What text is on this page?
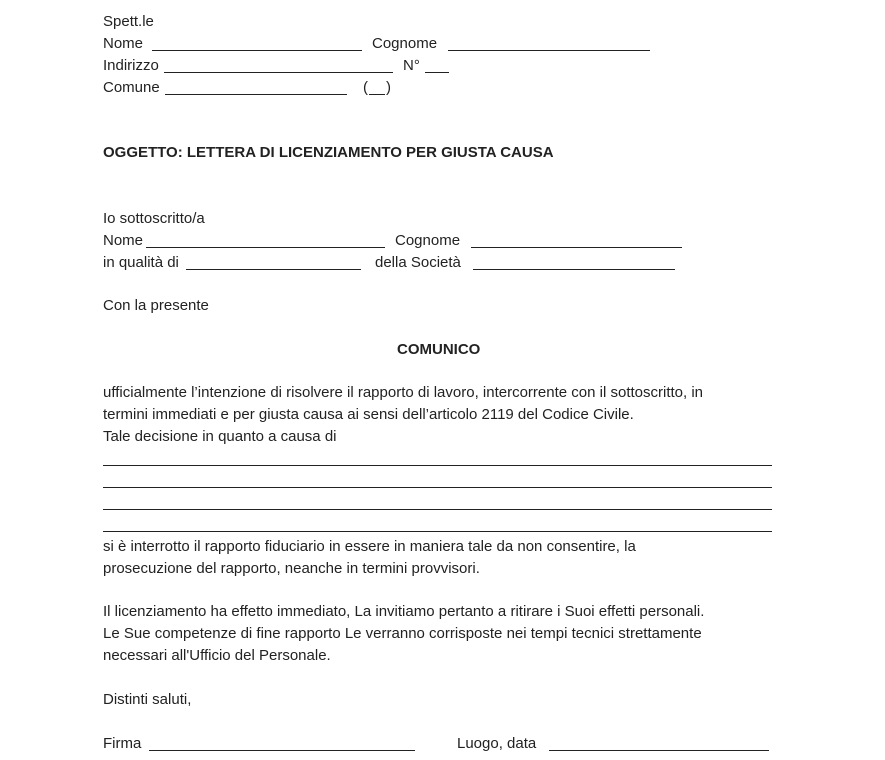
Spett.le
Nome	Cognome
Indirizzo	N°
Comune	( )
OGGETTO: LETTERA DI LICENZIAMENTO PER GIUSTA CAUSA
Io sottoscritto/a
Nome	Cognome
in qualità di	della Società
Con la presente
COMUNICO
ufficialmente l’intenzione di risolvere il rapporto di lavoro, intercorrente con il sottoscritto, in
termini immediati e per giusta causa ai sensi dell’articolo 2119 del Codice Civile.
Tale decisione in quanto a causa di
si è interrotto il rapporto fiduciario in essere in maniera tale da non consentire, la
prosecuzione del rapporto, neanche in termini provvisori.
Il licenziamento ha effetto immediato, La invitiamo pertanto a ritirare i Suoi effetti personali.
Le Sue competenze di fine rapporto Le verranno corrisposte nei tempi tecnici strettamente
necessari all'Ufficio del Personale.
Distinti saluti,
Firma	Luogo, data
